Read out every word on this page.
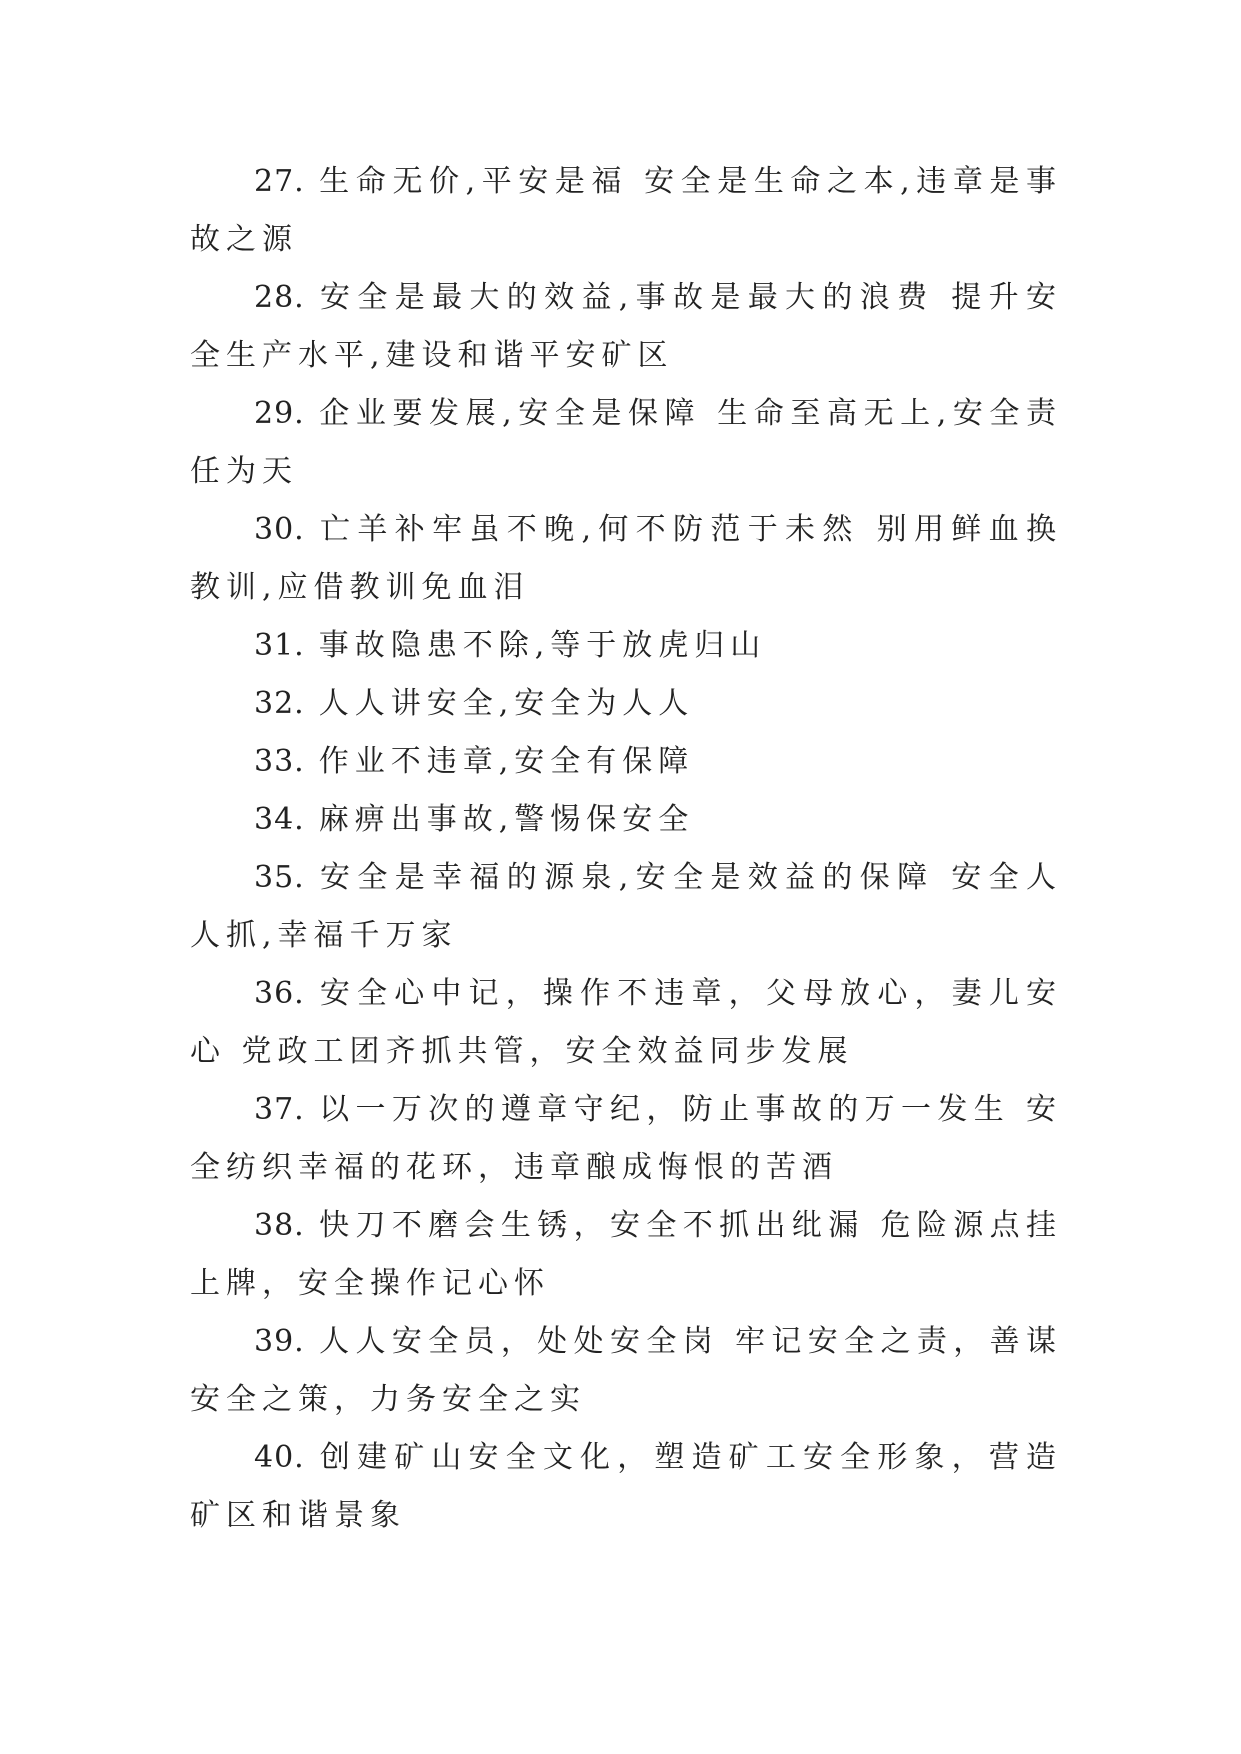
27. 生命无价,平安是福 安全是生命之本,违章是事故之源

28. 安全是最大的效益,事故是最大的浪费 提升安全生产水平,建设和谐平安矿区

29. 企业要发展,安全是保障 生命至高无上,安全责任为天

30. 亡羊补牢虽不晚,何不防范于未然 别用鲜血换教训,应借教训免血泪

31. 事故隐患不除,等于放虎归山

32. 人人讲安全,安全为人人

33. 作业不违章,安全有保障

34. 麻痹出事故,警惕保安全

35. 安全是幸福的源泉,安全是效益的保障 安全人人抓,幸福千万家

36. 安全心中记，操作不违章，父母放心，妻儿安心 党政工团齐抓共管，安全效益同步发展

37. 以一万次的遵章守纪，防止事故的万一发生 安全纺织幸福的花环，违章酿成悔恨的苦酒

38. 快刀不磨会生锈，安全不抓出纰漏 危险源点挂上牌，安全操作记心怀

39. 人人安全员，处处安全岗 牢记安全之责，善谋安全之策，力务安全之实

40. 创建矿山安全文化，塑造矿工安全形象，营造矿区和谐景象
